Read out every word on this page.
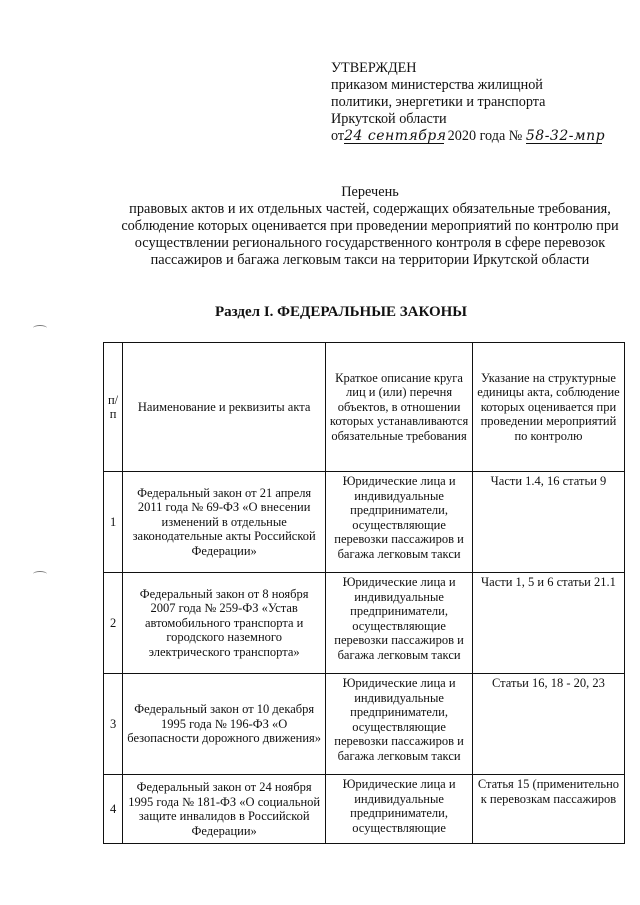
УТВЕРЖДЕН
приказом министерства жилищной
политики, энергетики и транспорта
Иркутской области
от24 сентября 2020 года № 58-32-мпр
Перечень
правовых актов и их отдельных частей, содержащих обязательные требования, соблюдение которых оценивается при проведении мероприятий по контролю при осуществлении регионального государственного контроля в сфере перевозок пассажиров и багажа легковым такси на территории Иркутской области
Раздел I. ФЕДЕРАЛЬНЫЕ ЗАКОНЫ
п/п	Наименование и реквизиты акта	Краткое описание круга лиц и (или) перечня объектов, в отношении которых устанавливаются обязательные требования	Указание на структурные единицы акта, соблюдение которых оценивается при проведении мероприятий по контролю
1	Федеральный закон от 21 апреля 2011 года № 69-ФЗ «О внесении изменений в отдельные законодательные акты Российской Федерации»	Юридические лица и индивидуальные предприниматели, осуществляющие перевозки пассажиров и багажа легковым такси	Части 1.4, 16 статьи 9
2	Федеральный закон от 8 ноября 2007 года № 259-ФЗ «Устав автомобильного транспорта и городского наземного электрического транспорта»	Юридические лица и индивидуальные предприниматели, осуществляющие перевозки пассажиров и багажа легковым такси	Части 1, 5 и 6 статьи 21.1
3	Федеральный закон от 10 декабря 1995 года № 196-ФЗ «О безопасности дорожного движения»	Юридические лица и индивидуальные предприниматели, осуществляющие перевозки пассажиров и багажа легковым такси	Статьи 16, 18 - 20, 23
4	Федеральный закон от 24 ноября 1995 года № 181-ФЗ «О социальной защите инвалидов в Российской Федерации»	Юридические лица и индивидуальные предприниматели, осуществляющие	Статья 15 (применительно к перевозкам пассажиров
